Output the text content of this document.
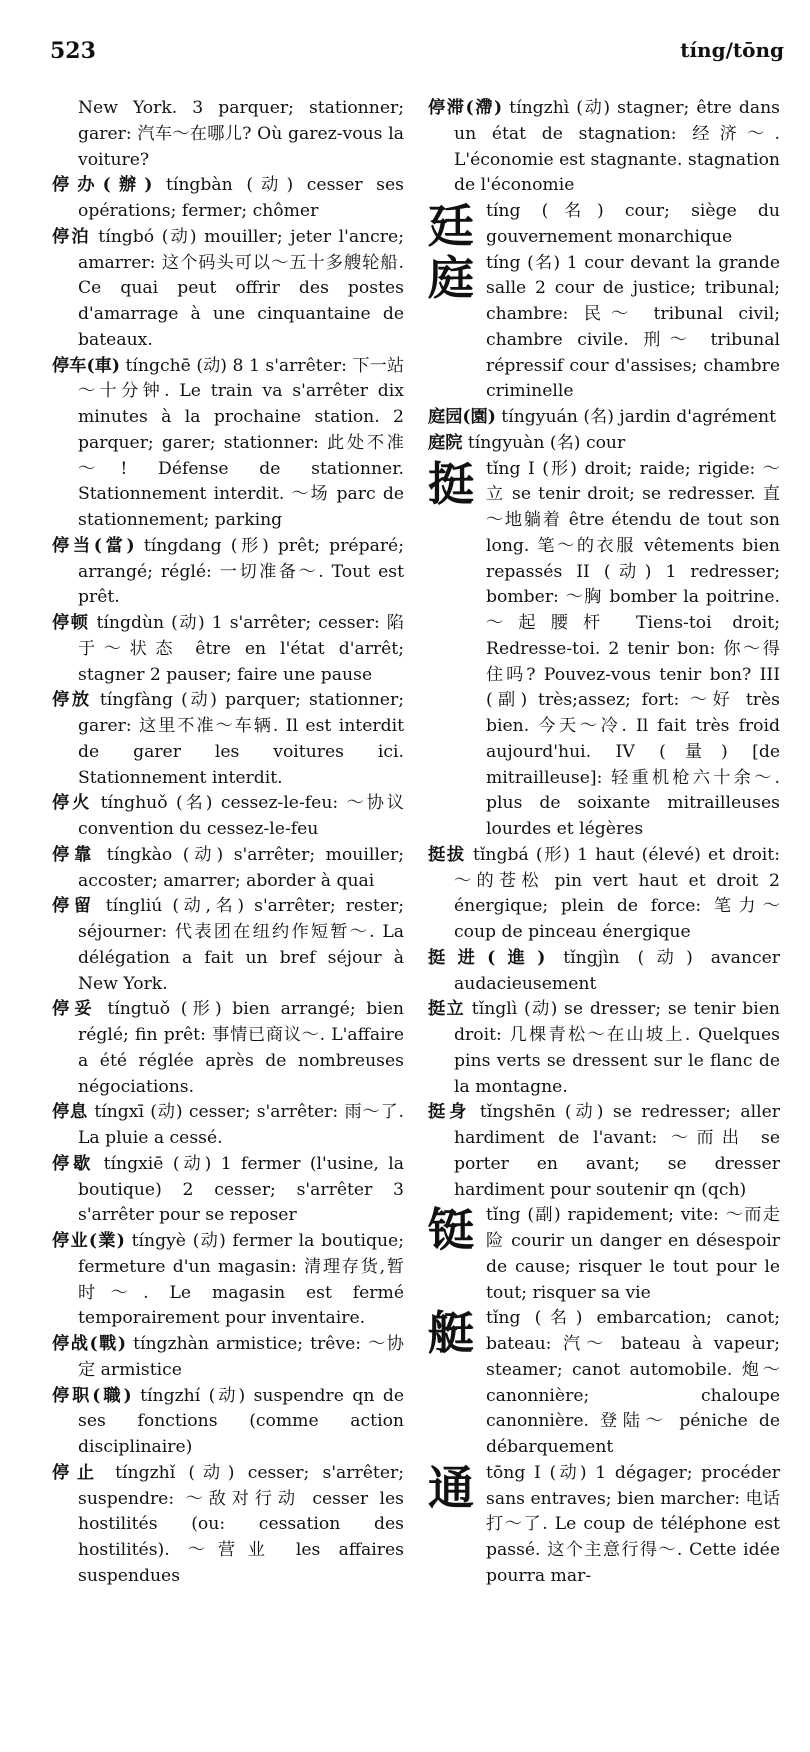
523	tíng/tōng
New York. 3 parquer; stationner; garer: 汽车～在哪儿? Où garez-vous la voiture?
停办(辦) tíngbàn (动) cesser ses opérations; fermer; chômer
停泊 tíngbó (动) mouiller; jeter l'ancre; amarrer: 这个码头可以～五十多艘轮船. Ce quai peut offrir des postes d'amarrage à une cinquantaine de bateaux.
停车(車) tíngchē (动) 8 1 s'arrêter: 下一站～十分钟. Le train va s'arrêter dix minutes à la prochaine station. 2 parquer; garer; stationner: 此处不准～! Défense de stationner. Stationnement interdit. ～场 parc de stationnement; parking
停当(當) tíngdang (形) prêt; préparé; arrangé; réglé: 一切准备～. Tout est prêt.
停顿 tíngdùn (动) 1 s'arrêter; cesser: 陷于～状态 être en l'état d'arrêt; stagner 2 pauser; faire une pause
停放 tíngfàng (动) parquer; stationner; garer: 这里不准～车辆. Il est interdit de garer les voitures ici. Stationnement interdit.
停火 tínghuǒ (名) cessez-le-feu: ～协议 convention du cessez-le-feu
停靠 tíngkào (动) s'arrêter; mouiller; accoster; amarrer; aborder à quai
停留 tíngliú (动,名) s'arrêter; rester; séjourner: 代表团在纽约作短暂～. La délégation a fait un bref séjour à New York.
停妥 tíngtuǒ (形) bien arrangé; bien réglé; fin prêt: 事情已商议～. L'affaire a été réglée après de nombreuses négociations.
停息 tíngxī (动) cesser; s'arrêter: 雨～了. La pluie a cessé.
停歇 tíngxiē (动) 1 fermer (l'usine, la boutique) 2 cesser; s'arrêter 3 s'arrêter pour se reposer
停业(業) tíngyè (动) fermer la boutique; fermeture d'un magasin: 清理存货,暂时～. Le magasin est fermé temporairement pour inventaire.
停战(戰) tíngzhàn armistice; trêve: ～协定 armistice
停职(職) tíngzhí (动) suspendre qn de ses fonctions (comme action disciplinaire)
停止 tíngzhǐ (动) cesser; s'arrêter; suspendre: ～敌对行动 cesser les hostilités (ou: cessation des hostilités). ～营业 les affaires suspendues
停滞(滯) tíngzhì (动) stagner; être dans un état de stagnation: 经济～. L'économie est stagnante. stagnation de l'économie
廷 tíng (名) cour; siège du gouvernement monarchique
庭 tíng (名) 1 cour devant la grande salle 2 cour de justice; tribunal; chambre: 民～ tribunal civil; chambre civile. 刑～ tribunal répressif cour d'assises; chambre criminelle
庭园(園) tíngyuán (名) jardin d'agrément
庭院 tíngyuàn (名) cour
挺 tǐng I (形) droit; raide; rigide: ～立 se tenir droit; se redresser. 直～地躺着 être étendu de tout son long. 笔～的衣服 vêtements bien repassés II (动) 1 redresser; bomber: ～胸 bomber la poitrine. ～起腰杆 Tiens-toi droit; Redresse-toi. 2 tenir bon: 你～得住吗? Pouvez-vous tenir bon? III (副) très;assez; fort: ～好 très bien. 今天～冷. Il fait très froid aujourd'hui. IV (量) [de mitrailleuse]: 轻重机枪六十余～. plus de soixante mitrailleuses lourdes et légères
挺拔 tǐngbá (形) 1 haut (élevé) et droit: ～的苍松 pin vert haut et droit 2 énergique; plein de force: 笔力～ coup de pinceau énergique
挺进(進) tǐngjìn (动) avancer audacieusement
挺立 tǐnglì (动) se dresser; se tenir bien droit: 几棵青松～在山坡上. Quelques pins verts se dressent sur le flanc de la montagne.
挺身 tǐngshēn (动) se redresser; aller hardiment de l'avant: ～而出 se porter en avant; se dresser hardiment pour soutenir qn (qch)
铤 tǐng (副) rapidement; vite: ～而走险 courir un danger en désespoir de cause; risquer le tout pour le tout; risquer sa vie
艇 tǐng (名) embarcation; canot; bateau: 汽～ bateau à vapeur; steamer; canot automobile. 炮～ canonnière; chaloupe canonnière. 登陆～ péniche de débarquement
通 tōng I (动) 1 dégager; procéder sans entraves; bien marcher: 电话打～了. Le coup de téléphone est passé. 这个主意行得～. Cette idée pourra mar-
